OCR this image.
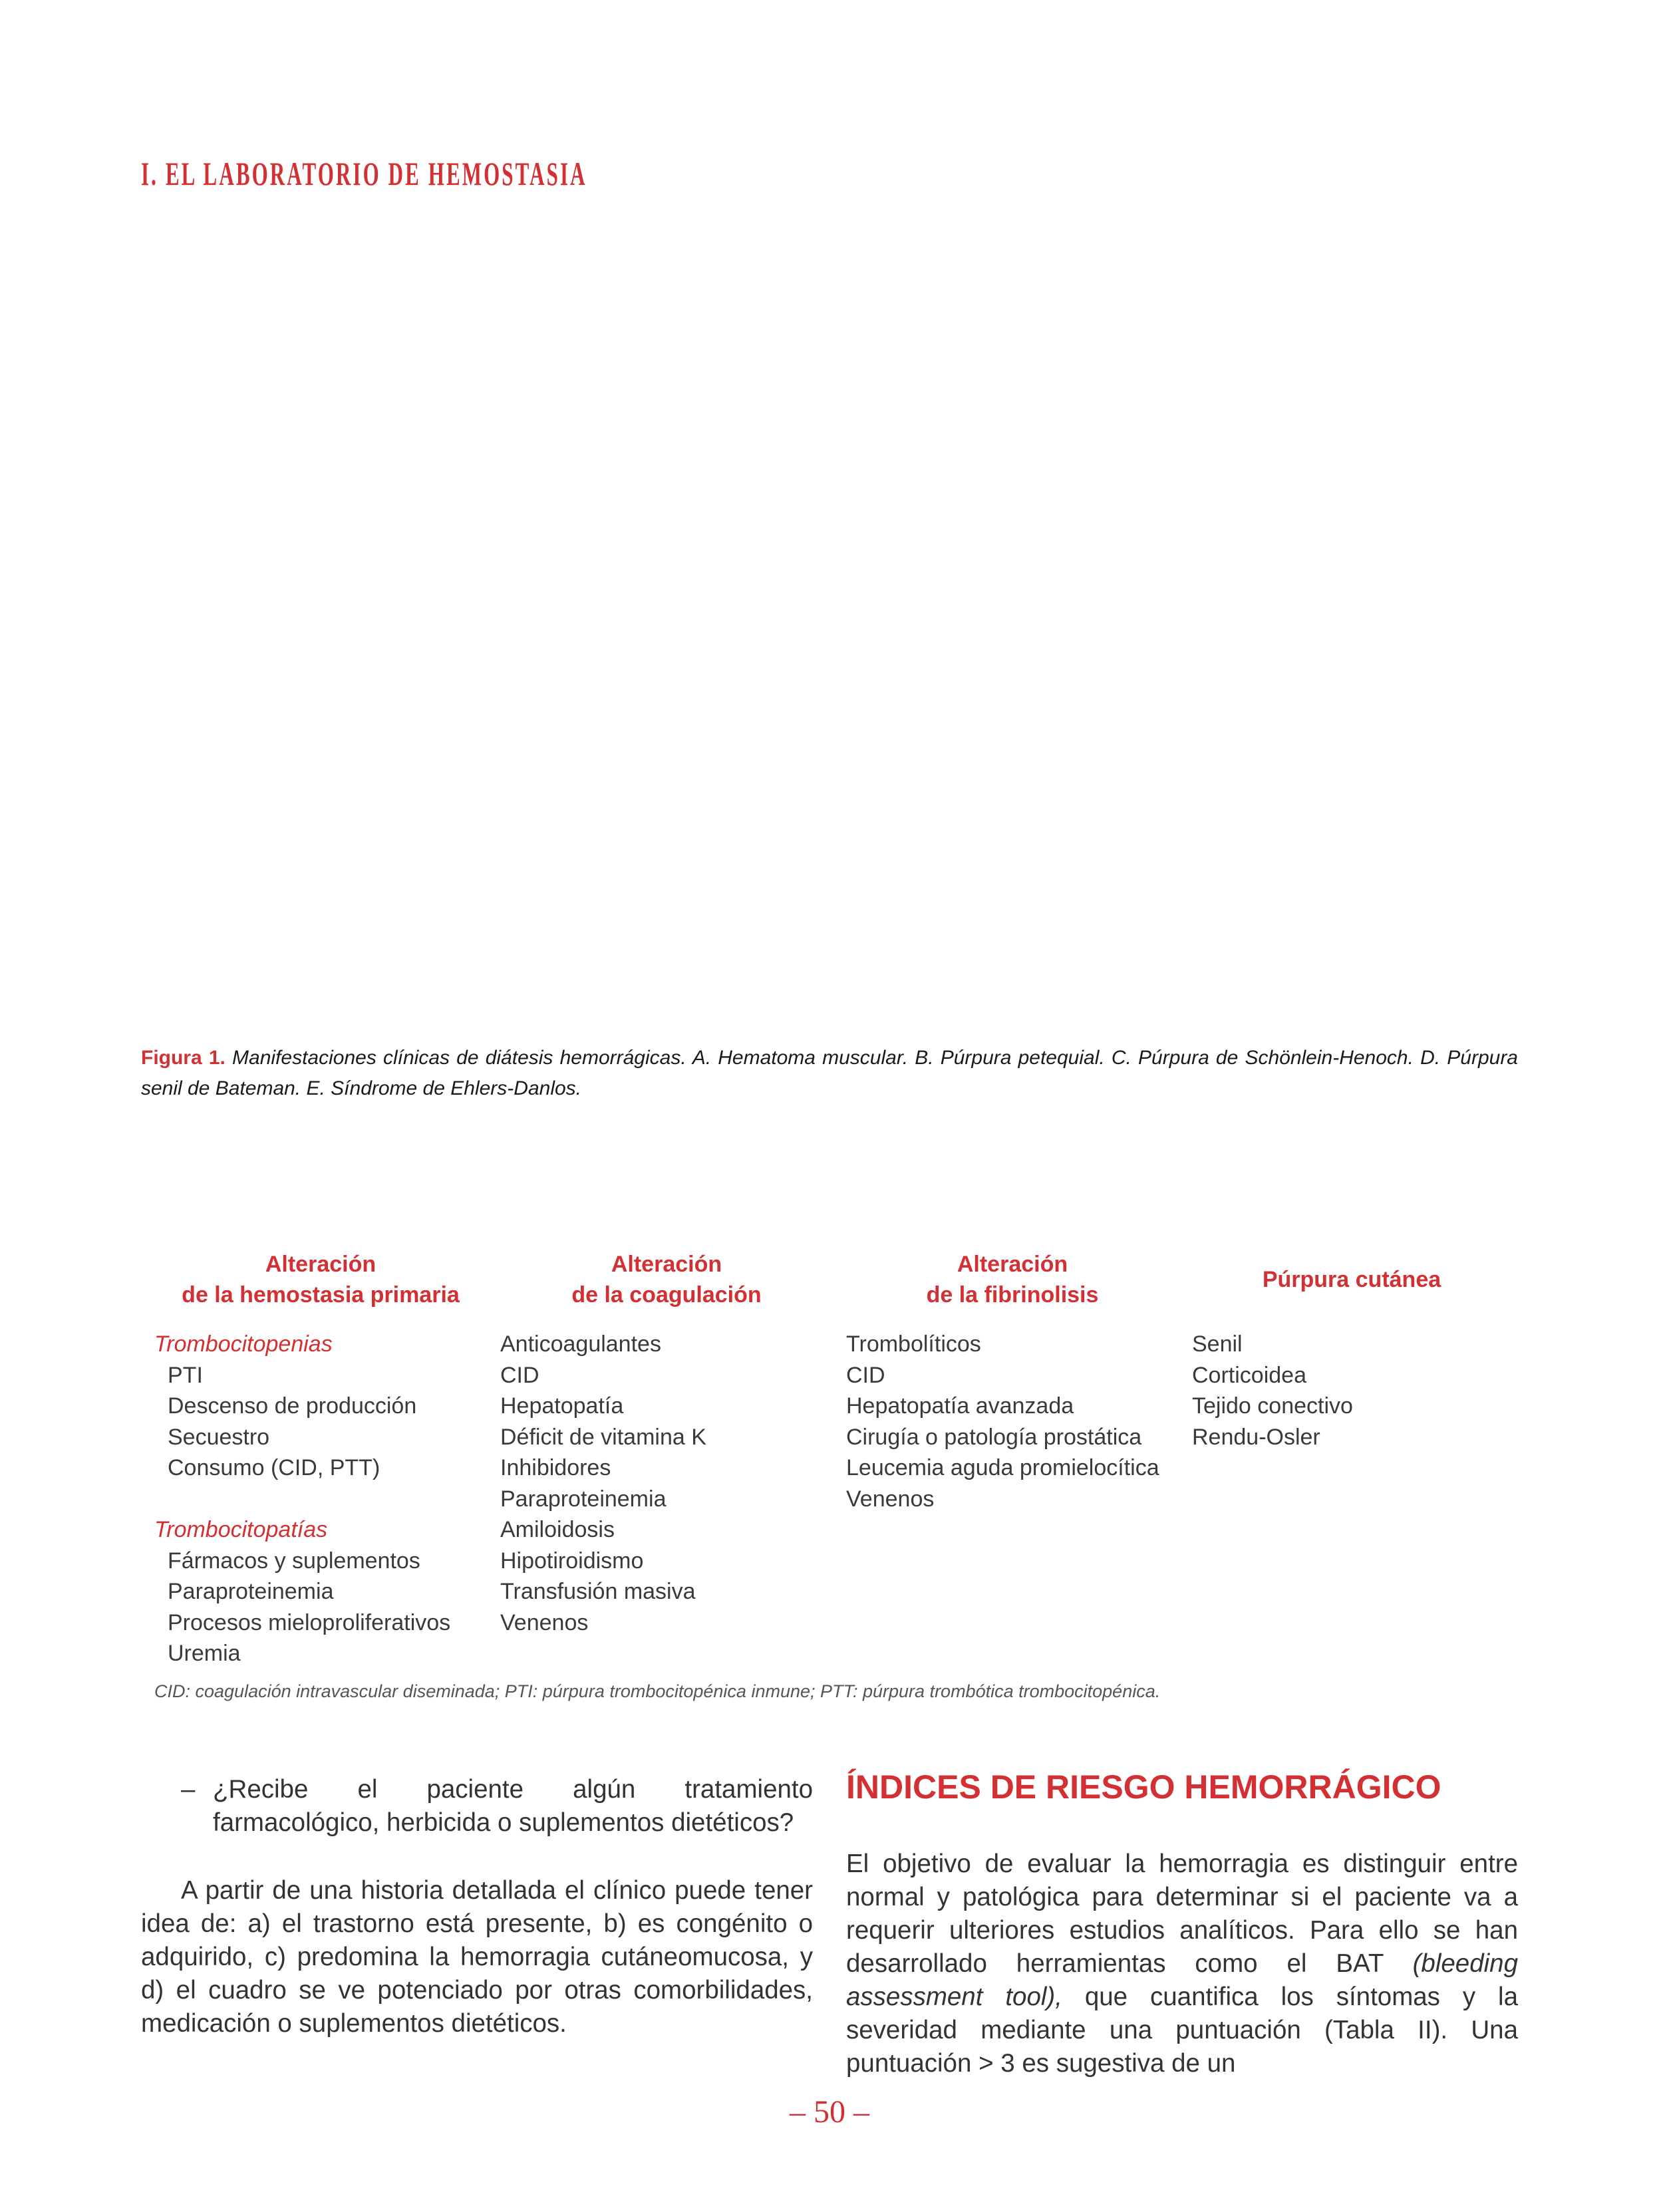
I. EL LABORATORIO DE HEMOSTASIA

Figura 1. Manifestaciones clínicas de diátesis hemorrágicas. A. Hematoma muscular. B. Púrpura petequial. C. Púrpura de Schönlein-Henoch. D. Púrpura senil de Bateman. E. Síndrome de Ehlers-Danlos.

Alteración
de la hemostasia primaria
Trombocitopenias
PTI
Descenso de producción
Secuestro
Consumo (CID, PTT)
Trombocitopatías
Fármacos y suplementos
Paraproteinemia
Procesos mieloproliferativos
Uremia
Alteración
de la coagulación
Anticoagulantes
CID
Hepatopatía
Déficit de vitamina K
Inhibidores
Paraproteinemia
Amiloidosis
Hipotiroidismo
Transfusión masiva
Venenos
Alteración
de la fibrinolisis
Trombolíticos
CID
Hepatopatía avanzada
Cirugía o patología prostática
Leucemia aguda promielocítica
Venenos
Púrpura cutánea
Senil
Corticoidea
Tejido conectivo
Rendu-Osler

CID: coagulación intravascular diseminada; PTI: púrpura trombocitopénica inmune; PTT: púrpura trombótica trombocitopénica.

– ¿Recibe el paciente algún tratamiento farmacológico, herbicida o suplementos dietéticos?

A partir de una historia detallada el clínico puede tener idea de: a) el trastorno está presente, b) es congénito o adquirido, c) predomina la hemorragia cutáneomucosa, y d) el cuadro se ve potenciado por otras comorbilidades, medicación o suplementos dietéticos.

ÍNDICES DE RIESGO HEMORRÁGICO

El objetivo de evaluar la hemorragia es distinguir entre normal y patológica para determinar si el paciente va a requerir ulteriores estudios analíticos. Para ello se han desarrollado herramientas como el BAT (bleeding assessment tool), que cuantifica los síntomas y la severidad mediante una puntuación (Tabla II). Una puntuación > 3 es sugestiva de un

– 50 –
